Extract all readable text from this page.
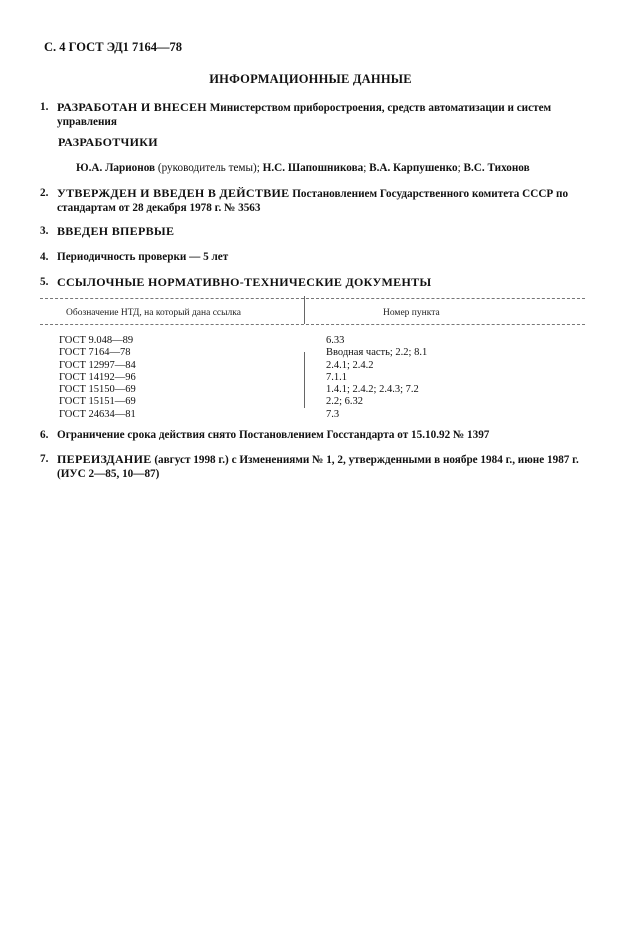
С. 4 ГОСТ ЭД1 7164—78
ИНФОРМАЦИОННЫЕ ДАННЫЕ
1. РАЗРАБОТАН И ВНЕСЕН Министерством приборостроения, средств автоматизации и систем управления
РАЗРАБОТЧИКИ
Ю.А. Ларионов (руководитель темы); Н.С. Шапошникова; В.А. Карпушенко; В.С. Тихонов
2. УТВЕРЖДЕН И ВВЕДЕН В ДЕЙСТВИЕ Постановлением Государственного комитета СССР по стандартам от 28 декабря 1978 г. № 3563
3. ВВЕДЕН ВПЕРВЫЕ
4. Периодичность проверки — 5 лет
5. ССЫЛОЧНЫЕ НОРМАТИВНО-ТЕХНИЧЕСКИЕ ДОКУМЕНТЫ
Обозначение НТД, на который дана ссылка	Номер пункта
ГОСТ 9.048—89
ГОСТ 7164—78
ГОСТ 12997—84
ГОСТ 14192—96
ГОСТ 15150—69
ГОСТ 15151—69
ГОСТ 24634—81
6.33
Вводная часть; 2.2; 8.1
2.4.1; 2.4.2
7.1.1
1.4.1; 2.4.2; 2.4.3; 7.2
2.2; 6.32
7.3
6. Ограничение срока действия снято Постановлением Госстандарта от 15.10.92 № 1397
7. ПЕРЕИЗДАНИЕ (август 1998 г.) с Изменениями № 1, 2, утвержденными в ноябре 1984 г., июне 1987 г. (ИУС 2—85, 10—87)
